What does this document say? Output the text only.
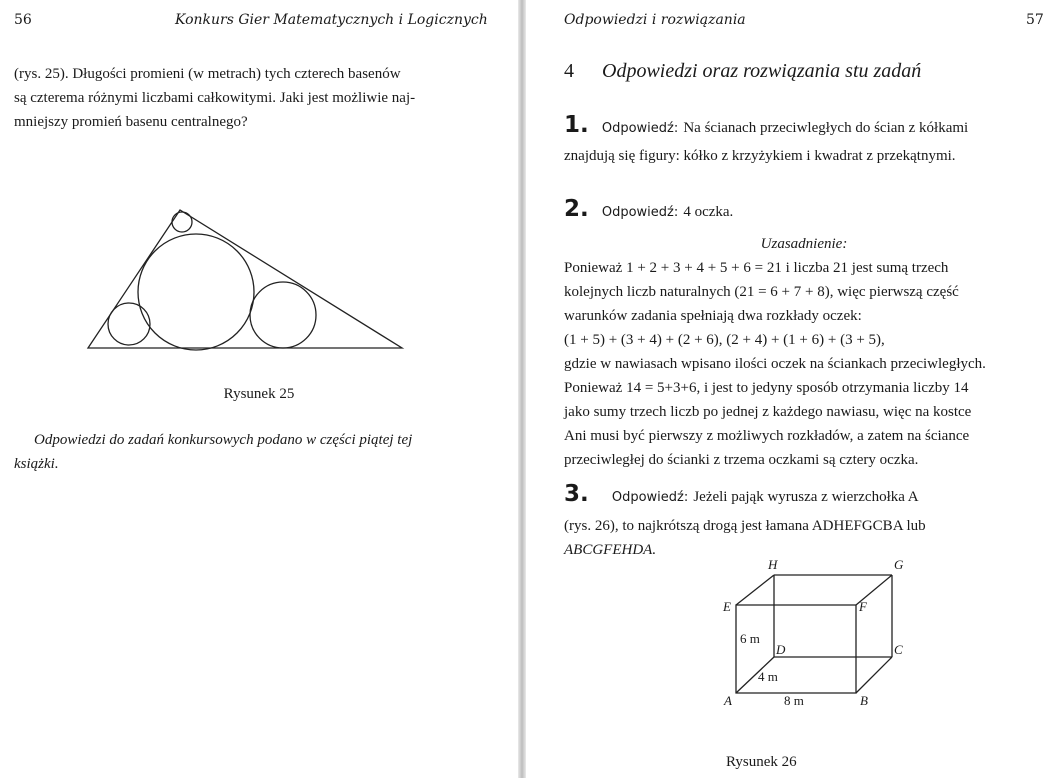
56	Konkurs Gier Matematycznych i Logicznych
(rys. 25). Długości promieni (w metrach) tych czterech basenów
są czterema różnymi liczbami całkowitymi. Jaki jest możliwie naj-
mniejszy promień basenu centralnego?
Rysunek 25
Odpowiedzi do zadań konkursowych podano w części piątej tej
książki.
Odpowiedzi i rozwiązania	57
4 Odpowiedzi oraz rozwiązania stu zadań
1. Odpowiedź: Na ścianach przeciwległych do ścian z kółkami
znajdują się figury: kółko z krzyżykiem i kwadrat z przekątnymi.
2. Odpowiedź: 4 oczka.
Uzasadnienie:
Ponieważ 1 + 2 + 3 + 4 + 5 + 6 = 21 i liczba 21 jest sumą trzech
kolejnych liczb naturalnych (21 = 6 + 7 + 8), więc pierwszą część
warunków zadania spełniają dwa rozkłady oczek:
(1 + 5) + (3 + 4) + (2 + 6), (2 + 4) + (1 + 6) + (3 + 5),
gdzie w nawiasach wpisano ilości oczek na ściankach przeciwległych.
Ponieważ 14 = 5+3+6, i jest to jedyny sposób otrzymania liczby 14
jako sumy trzech liczb po jednej z każdego nawiasu, więc na kostce
Ani musi być pierwszy z możliwych rozkładów, a zatem na ściance
przeciwległej do ścianki z trzema oczkami są cztery oczka.
3. Odpowiedź: Jeżeli pająk wyrusza z wierzchołka A
(rys. 26), to najkrótszą drogą jest łamana ADHEFGCBA lub
ABCGFEHDA.
H	G
E	F
D	C
A	B
6 m
4 m
8 m
Rysunek 26
